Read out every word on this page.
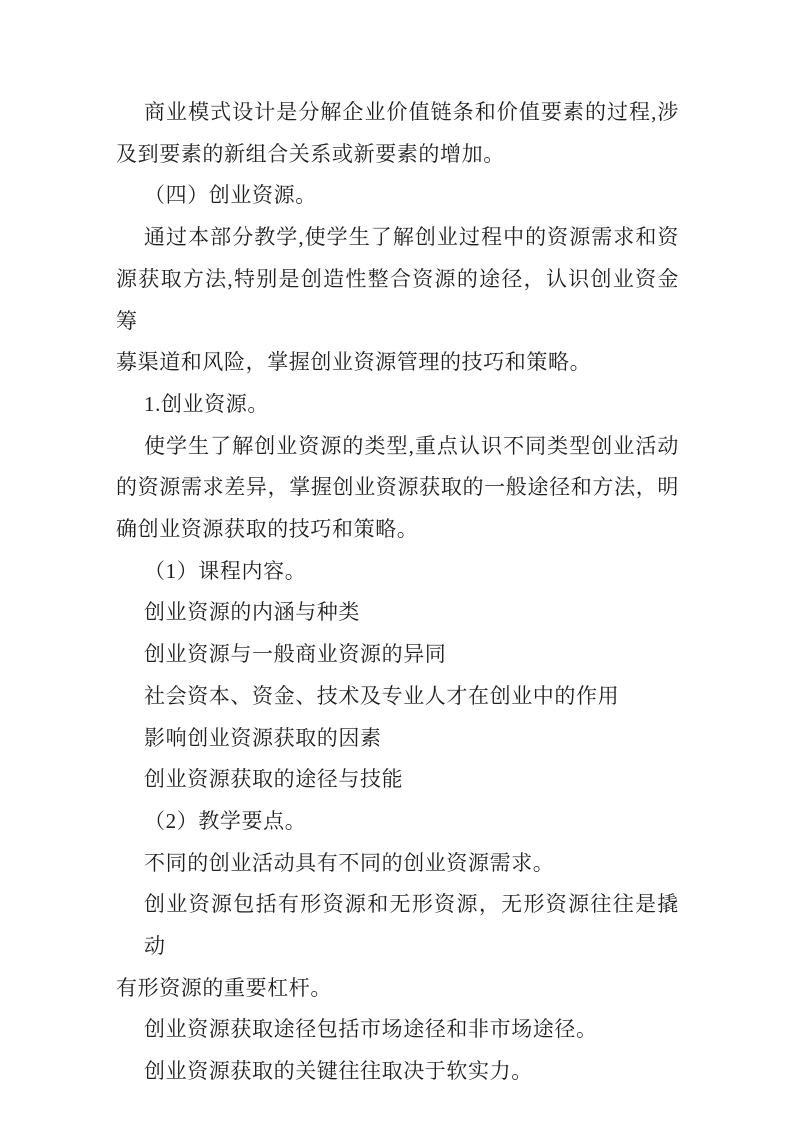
商业模式设计是分解企业价值链条和价值要素的过程,涉
及到要素的新组合关系或新要素的增加。
（四）创业资源。
通过本部分教学,使学生了解创业过程中的资源需求和资
源获取方法,特别是创造性整合资源的途径，认识创业资金筹
募渠道和风险，掌握创业资源管理的技巧和策略。
1.创业资源。
使学生了解创业资源的类型,重点认识不同类型创业活动
的资源需求差异，掌握创业资源获取的一般途径和方法，明
确创业资源获取的技巧和策略。
（1）课程内容。
创业资源的内涵与种类
创业资源与一般商业资源的异同
社会资本、资金、技术及专业人才在创业中的作用
影响创业资源获取的因素
创业资源获取的途径与技能
（2）教学要点。
不同的创业活动具有不同的创业资源需求。
创业资源包括有形资源和无形资源，无形资源往往是撬动
有形资源的重要杠杆。
创业资源获取途径包括市场途径和非市场途径。
创业资源获取的关键往往取决于软实力。
